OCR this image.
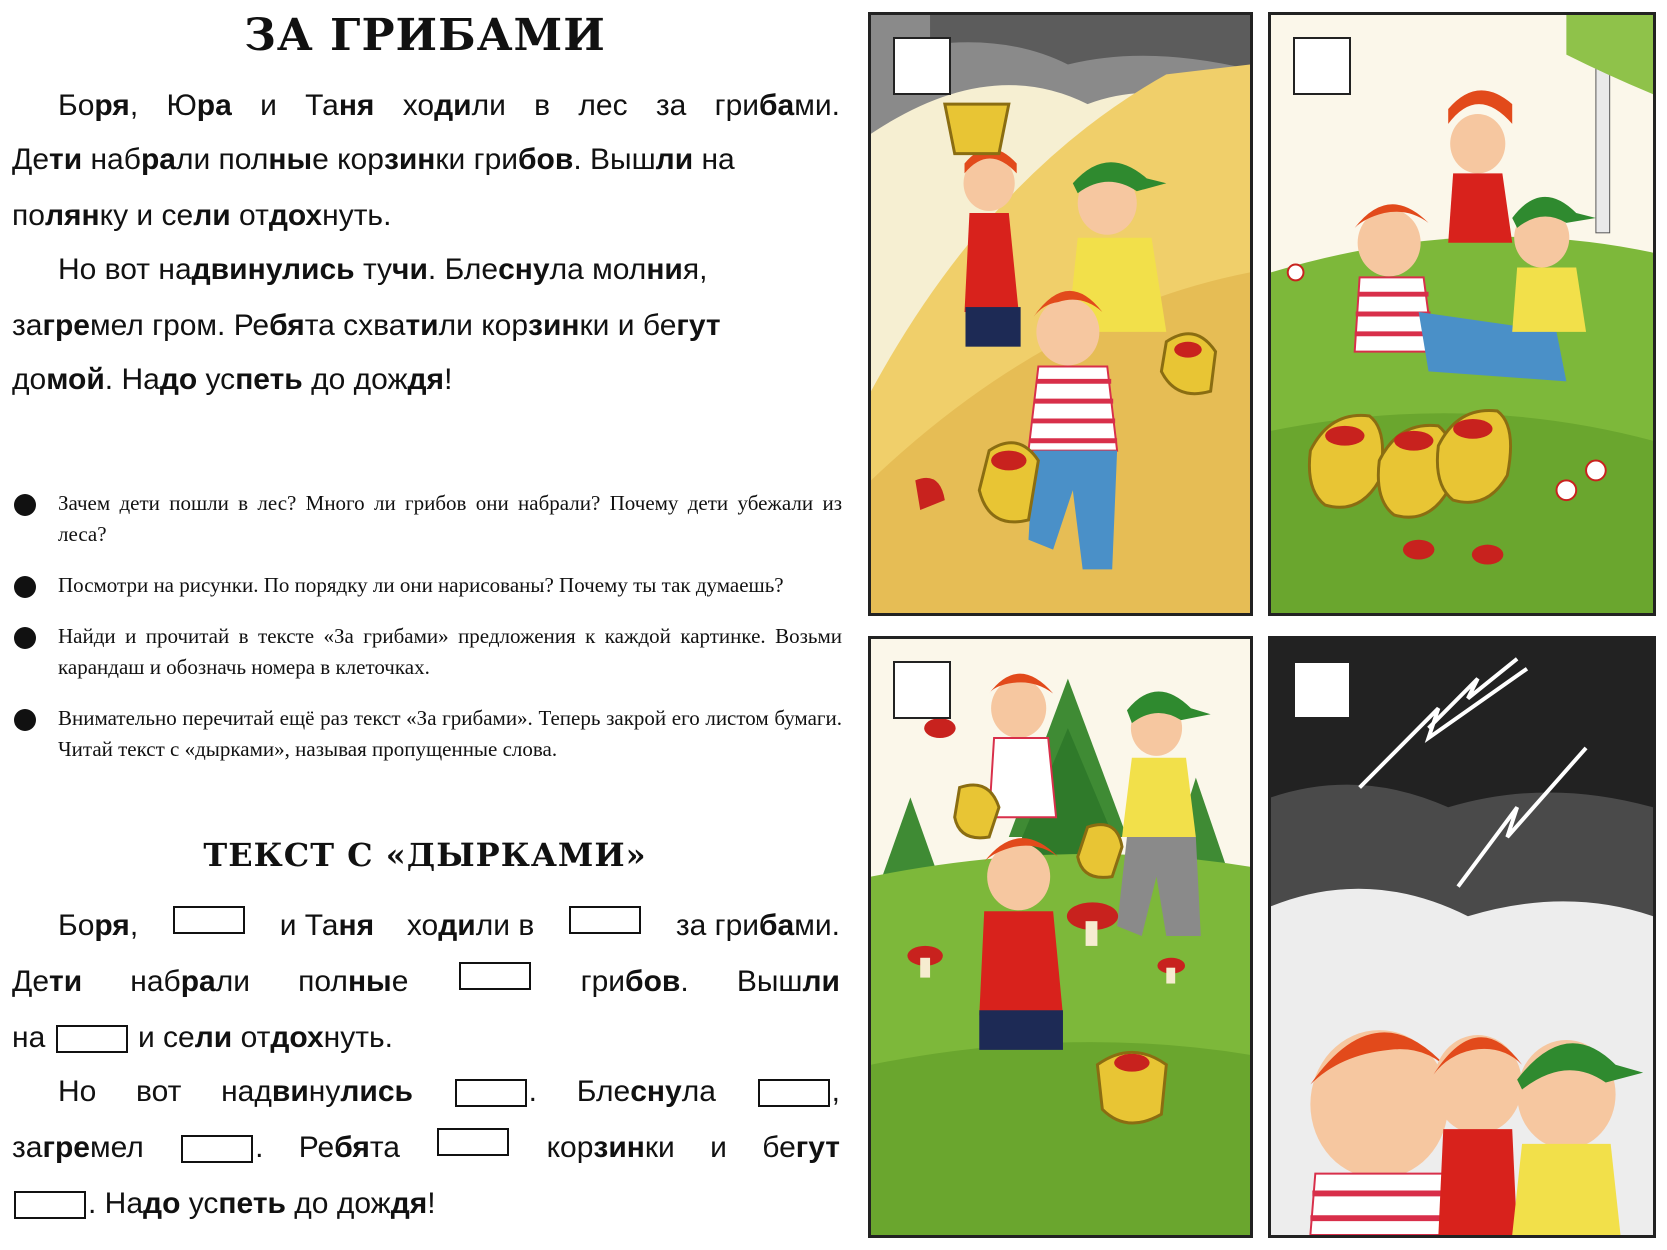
ЗА ГРИБАМИ
Боря, Юра и Таня ходили в лес за грибами.
Дети набрали полные корзинки грибов. Вышли на
полянку и сели отдохнуть.
Но вот надвинулись тучи. Блеснула молния,
загремел гром. Ребята схватили корзинки и бегут
домой. Надо успеть до дождя!
Зачем дети пошли в лес? Много ли грибов они набрали? Почему дети убежали из леса?
Посмотри на рисунки. По порядку ли они нарисованы? Почему ты так думаешь?
Найди и прочитай в тексте «За грибами» предложения к каждой картинке. Возьми карандаш и обозначь номера в клеточках.
Внимательно перечитай ещё раз текст «За грибами». Теперь закрой его листом бумаги. Читай текст с «дырками», называя пропущенные слова.
ТЕКСТ С «ДЫРКАМИ»
Боря,	и Таня ходили в	за грибами.
Дети набрали полные	грибов. Вышли
на	и сели отдохнуть.
Но вот надвинулись	. Блеснула	,
загремел	. Ребята	корзинки и бегут
. Надо успеть до дождя!
